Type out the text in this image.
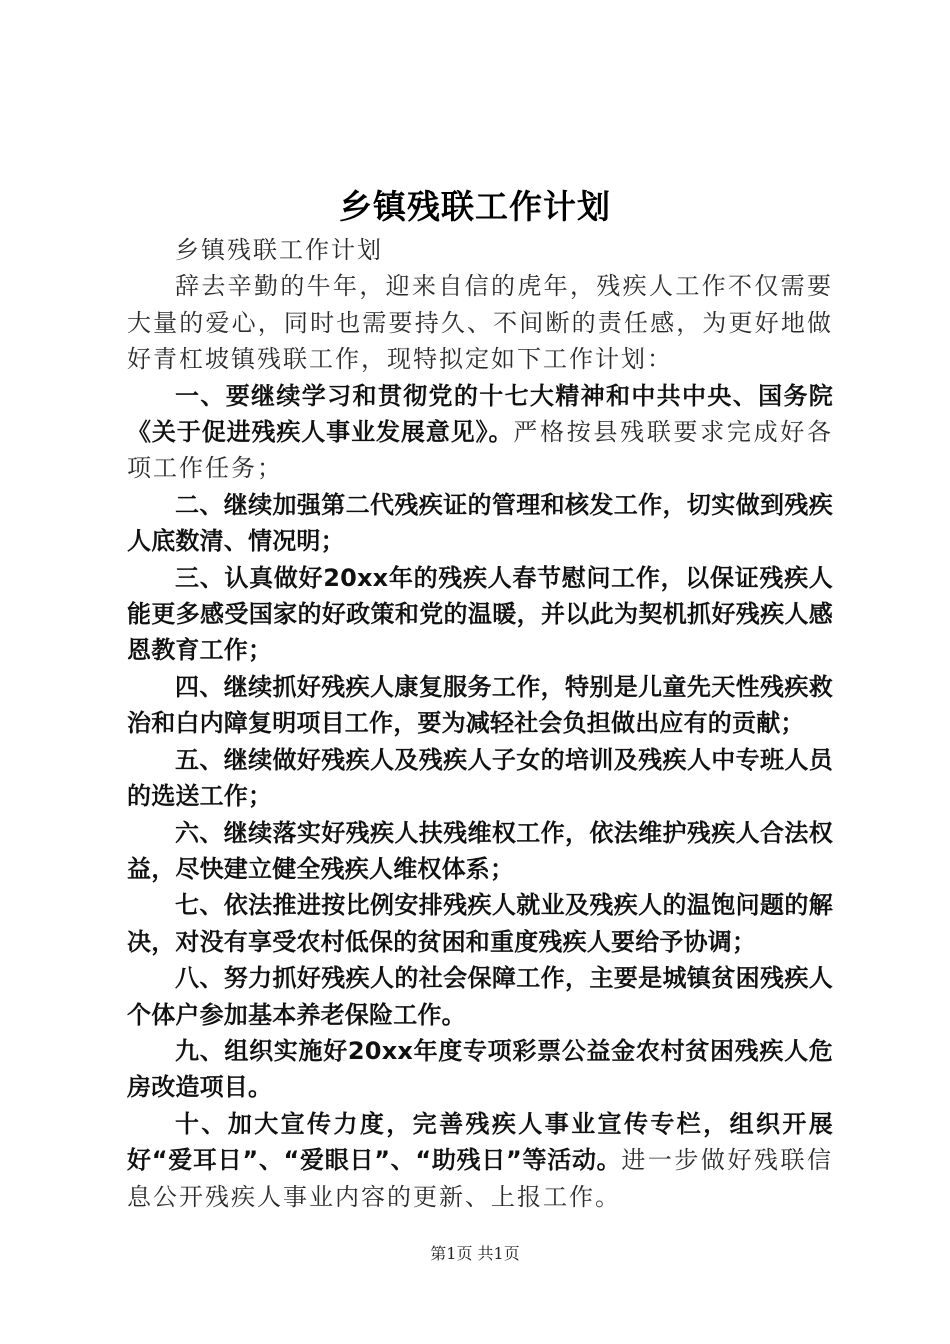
乡镇残联工作计划

乡镇残联工作计划

辞去辛勤的牛年，迎来自信的虎年，残疾人工作不仅需要大量的爱心，同时也需要持久、不间断的责任感，为更好地做好青杠坡镇残联工作，现特拟定如下工作计划：

一、要继续学习和贯彻党的十七大精神和中共中央、国务院《关于促进残疾人事业发展意见》。严格按县残联要求完成好各项工作任务；

二、继续加强第二代残疾证的管理和核发工作，切实做到残疾人底数清、情况明；

三、认真做好20xx年的残疾人春节慰问工作，以保证残疾人能更多感受国家的好政策和党的温暖，并以此为契机抓好残疾人感恩教育工作；

四、继续抓好残疾人康复服务工作，特别是儿童先天性残疾救治和白内障复明项目工作，要为减轻社会负担做出应有的贡献；

五、继续做好残疾人及残疾人子女的培训及残疾人中专班人员的选送工作；

六、继续落实好残疾人扶残维权工作，依法维护残疾人合法权益，尽快建立健全残疾人维权体系；

七、依法推进按比例安排残疾人就业及残疾人的温饱问题的解决，对没有享受农村低保的贫困和重度残疾人要给予协调；

八、努力抓好残疾人的社会保障工作，主要是城镇贫困残疾人个体户参加基本养老保险工作。

九、组织实施好20xx年度专项彩票公益金农村贫困残疾人危房改造项目。

十、加大宣传力度，完善残疾人事业宣传专栏，组织开展好“爱耳日”、“爱眼日”、“助残日”等活动。进一步做好残联信息公开残疾人事业内容的更新、上报工作。

第1页 共1页
